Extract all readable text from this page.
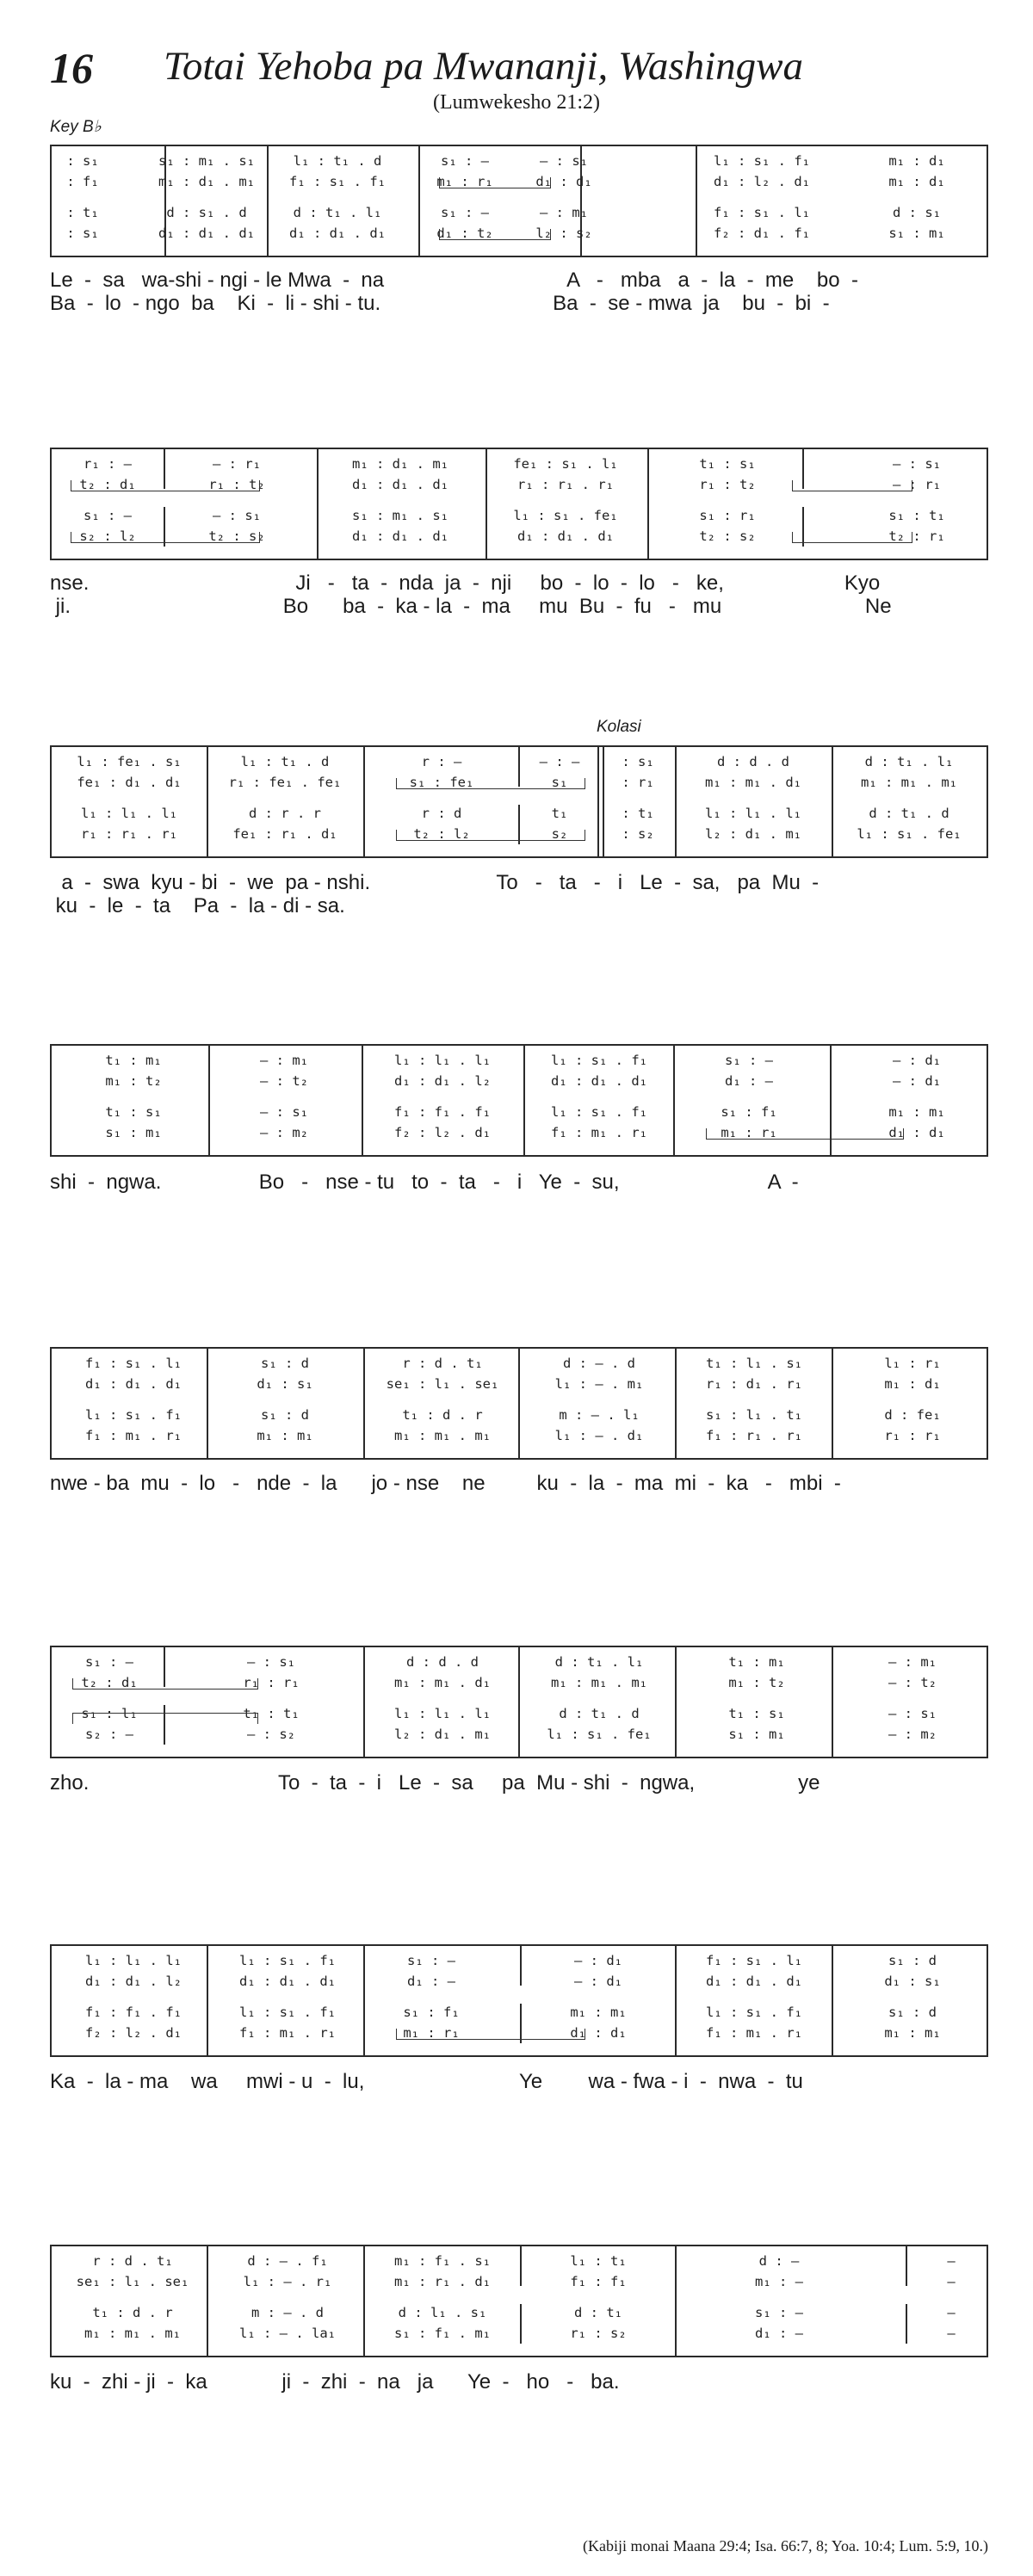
16 Totai Yehoba pa Mwananji, Washingwa
(Lumwekesho 21:2)
Key B♭
Kolasi
: s₁	s₁ : m₁ . s₁	l₁ : t₁ . d	s₁ : —	— : s₁	l₁ : s₁ . f₁	m₁ : d₁
: f₁	m₁ : d₁ . m₁	f₁ : s₁ . f₁	m₁ : r₁	d₁ : d₁	d₁ : l₂ . d₁	m₁ : d₁
: t₁	d : s₁ . d	d : t₁ . l₁	s₁ : —	— : m₁	f₁ : s₁ . l₁	d : s₁
: s₁	d₁ : d₁ . d₁	d₁ : d₁ . d₁	d₁ : t₂	l₂ : s₂	f₂ : d₁ . f₁	s₁ : m₁
Le  -  sa   wa-shi - ngi - le Mwa  -  na                                A   -   mba   a  -  la  -  me    bo  -
Ba  -  lo  - ngo  ba    Ki  -  li - shi - tu.                              Ba  -  se - mwa  ja    bu  -  bi  -
r₁ : —	— : r₁	m₁ : d₁ . m₁	fe₁ : s₁ . l₁	t₁ : s₁	— : s₁
t₂ : d₁	r₁ : t₂	d₁ : d₁ . d₁	r₁ : r₁ . r₁	r₁ : t₂	— : r₁
s₁ : —	— : s₁	s₁ : m₁ . s₁	l₁ : s₁ . fe₁	s₁ : r₁	s₁ : t₁
s₂ : l₂	t₂ : s₂	d₁ : d₁ . d₁	d₁ : d₁ . d₁	t₂ : s₂	t₂ : r₁
nse.                                    Ji   -   ta  -  nda  ja  -  nji     bo  -  lo  -  lo   -   ke,                     Kyo
ji.                                     Bo      ba  -  ka - la  -  ma     mu  Bu  -  fu   -   mu                         Ne
l₁ : fe₁ . s₁	l₁ : t₁ . d	r : —	— : —	: s₁	d : d . d	d : t₁ . l₁
fe₁ : d₁ . d₁	r₁ : fe₁ . fe₁	s₁ : fe₁	s₁	: r₁	m₁ : m₁ . d₁	m₁ : m₁ . m₁
l₁ : l₁ . l₁	d : r . r	r : d	t₁	: t₁	l₁ : l₁ . l₁	d : t₁ . d
r₁ : r₁ . r₁	fe₁ : r₁ . d₁	t₂ : l₂	s₂	: s₂	l₂ : d₁ . m₁	l₁ : s₁ . fe₁
a  -  swa  kyu - bi  -  we  pa - nshi.                      To   -   ta   -   i   Le  -  sa,   pa  Mu  -
ku  -  le  -  ta    Pa  -  la - di - sa.
t₁ : m₁	— : m₁	l₁ : l₁ . l₁	l₁ : s₁ . f₁	s₁ : —	— : d₁
m₁ : t₂	— : t₂	d₁ : d₁ . l₂	d₁ : d₁ . d₁	d₁ : —	— : d₁
t₁ : s₁	— : s₁	f₁ : f₁ . f₁	l₁ : s₁ . f₁	s₁ : f₁	m₁ : m₁
s₁ : m₁	— : m₂	f₂ : l₂ . d₁	f₁ : m₁ . r₁	m₁ : r₁	d₁ : d₁
shi  -  ngwa.                 Bo   -   nse - tu   to  -  ta   -   i   Ye  -  su,                          A  -
f₁ : s₁ . l₁	s₁ : d	r : d . t₁	d : – . d	t₁ : l₁ . s₁	l₁ : r₁
d₁ : d₁ . d₁	d₁ : s₁	se₁ : l₁ . se₁	l₁ : – . m₁	r₁ : d₁ . r₁	m₁ : d₁
l₁ : s₁ . f₁	s₁ : d	t₁ : d . r	m : – . l₁	s₁ : l₁ . t₁	d : fe₁
f₁ : m₁ . r₁	m₁ : m₁	m₁ : m₁ . m₁	l₁ : – . d₁	f₁ : r₁ . r₁	r₁ : r₁
nwe - ba  mu  -  lo   -   nde  -  la      jo - nse    ne         ku  -  la  -  ma  mi  -  ka   -   mbi  -
s₁ : —	— : s₁	d : d . d	d : t₁ . l₁	t₁ : m₁	— : m₁
t₂ : d₁	r₁ : r₁	m₁ : m₁ . d₁	m₁ : m₁ . m₁	m₁ : t₂	— : t₂
s₁ : l₁	t₁ : t₁	l₁ : l₁ . l₁	d : t₁ . d	t₁ : s₁	— : s₁
s₂ : —	— : s₂	l₂ : d₁ . m₁	l₁ : s₁ . fe₁	s₁ : m₁	— : m₂
zho.                                 To  -  ta  -  i   Le  -  sa     pa  Mu - shi  -  ngwa,                  ye
l₁ : l₁ . l₁	l₁ : s₁ . f₁	s₁ : —	— : d₁	f₁ : s₁ . l₁	s₁ : d
d₁ : d₁ . l₂	d₁ : d₁ . d₁	d₁ : —	— : d₁	d₁ : d₁ . d₁	d₁ : s₁
f₁ : f₁ . f₁	l₁ : s₁ . f₁	s₁ : f₁	m₁ : m₁	l₁ : s₁ . f₁	s₁ : d
f₂ : l₂ . d₁	f₁ : m₁ . r₁	m₁ : r₁	d₁ : d₁	f₁ : m₁ . r₁	m₁ : m₁
Ka  -  la - ma    wa     mwi - u  -  lu,                           Ye        wa - fwa - i  -  nwa  -  tu
r : d . t₁	d : – . f₁	m₁ : f₁ . s₁	l₁ : t₁	d : —	—
se₁ : l₁ . se₁	l₁ : – . r₁	m₁ : r₁ . d₁	f₁ : f₁	m₁ : —	—
t₁ : d . r	m : – . d	d : l₁ . s₁	d : t₁	s₁ : —	—
m₁ : m₁ . m₁	l₁ : – . la₁	s₁ : f₁ . m₁	r₁ : s₂	d₁ : —	—
ku  -  zhi - ji  -  ka             ji  -  zhi  -  na   ja      Ye  -   ho   -   ba.
(Kabiji monai Maana 29:4; Isa. 66:7, 8; Yoa. 10:4; Lum. 5:9, 10.)
